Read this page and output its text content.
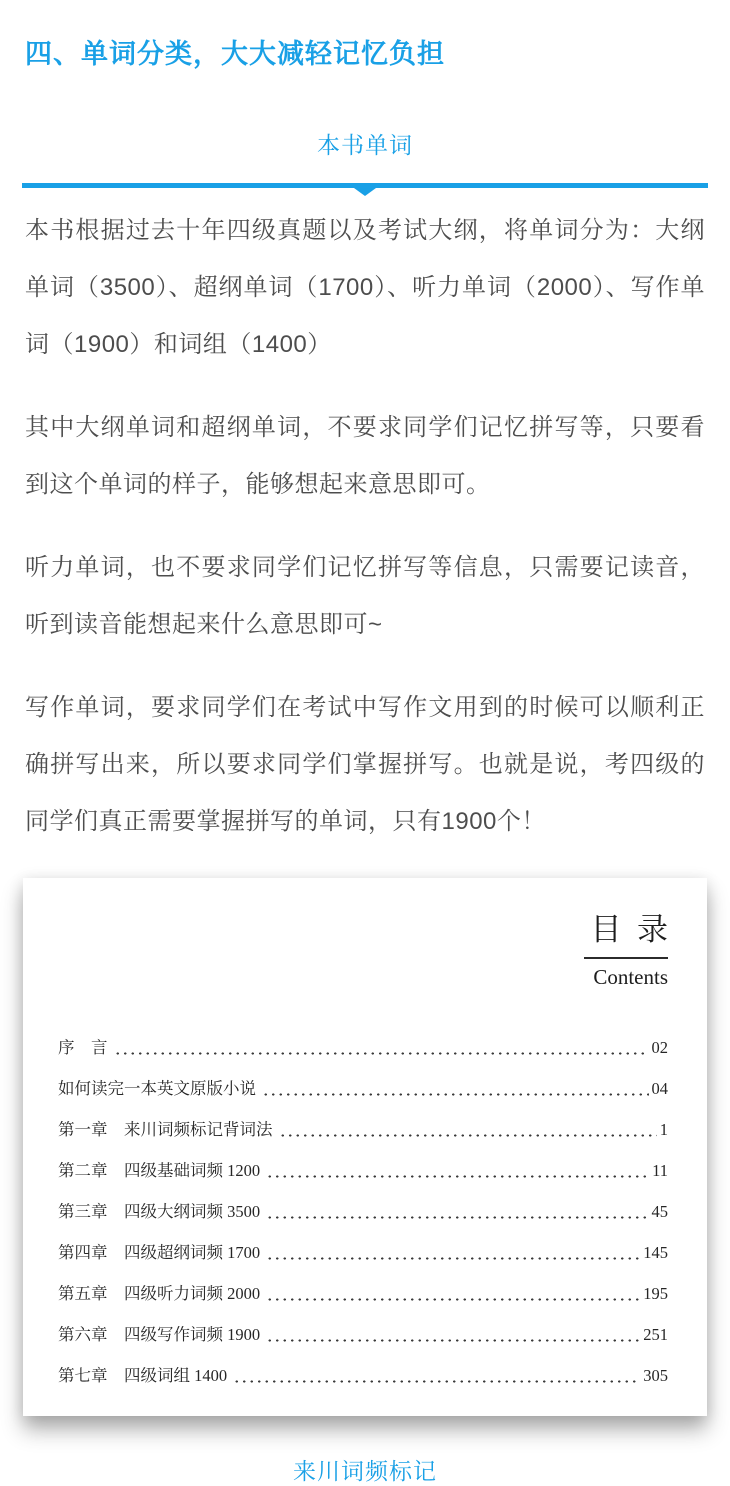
四、单词分类，大大减轻记忆负担
本书单词

本书根据过去十年四级真题以及考试大纲，将单词分为：大纲单词（3500）、超纲单词（1700）、听力单词（2000）、写作单词（1900）和词组（1400）

其中大纲单词和超纲单词，不要求同学们记忆拼写等，只要看到这个单词的样子，能够想起来意思即可。

听力单词，也不要求同学们记忆拼写等信息，只需要记读音，听到读音能想起来什么意思即可~

写作单词，要求同学们在考试中写作文用到的时候可以顺利正确拼写出来，所以要求同学们掌握拼写。也就是说，考四级的同学们真正需要掌握拼写的单词，只有1900个！

目  录
Contents
序　言	02
如何读完一本英文原版小说	04
第一章　来川词频标记背词法	1
第二章　四级基础词频 1200	11
第三章　四级大纲词频 3500	45
第四章　四级超纲词频 1700	145
第五章　四级听力词频 2000	195
第六章　四级写作词频 1900	251
第七章　四级词组 1400	305
来川词频标记
